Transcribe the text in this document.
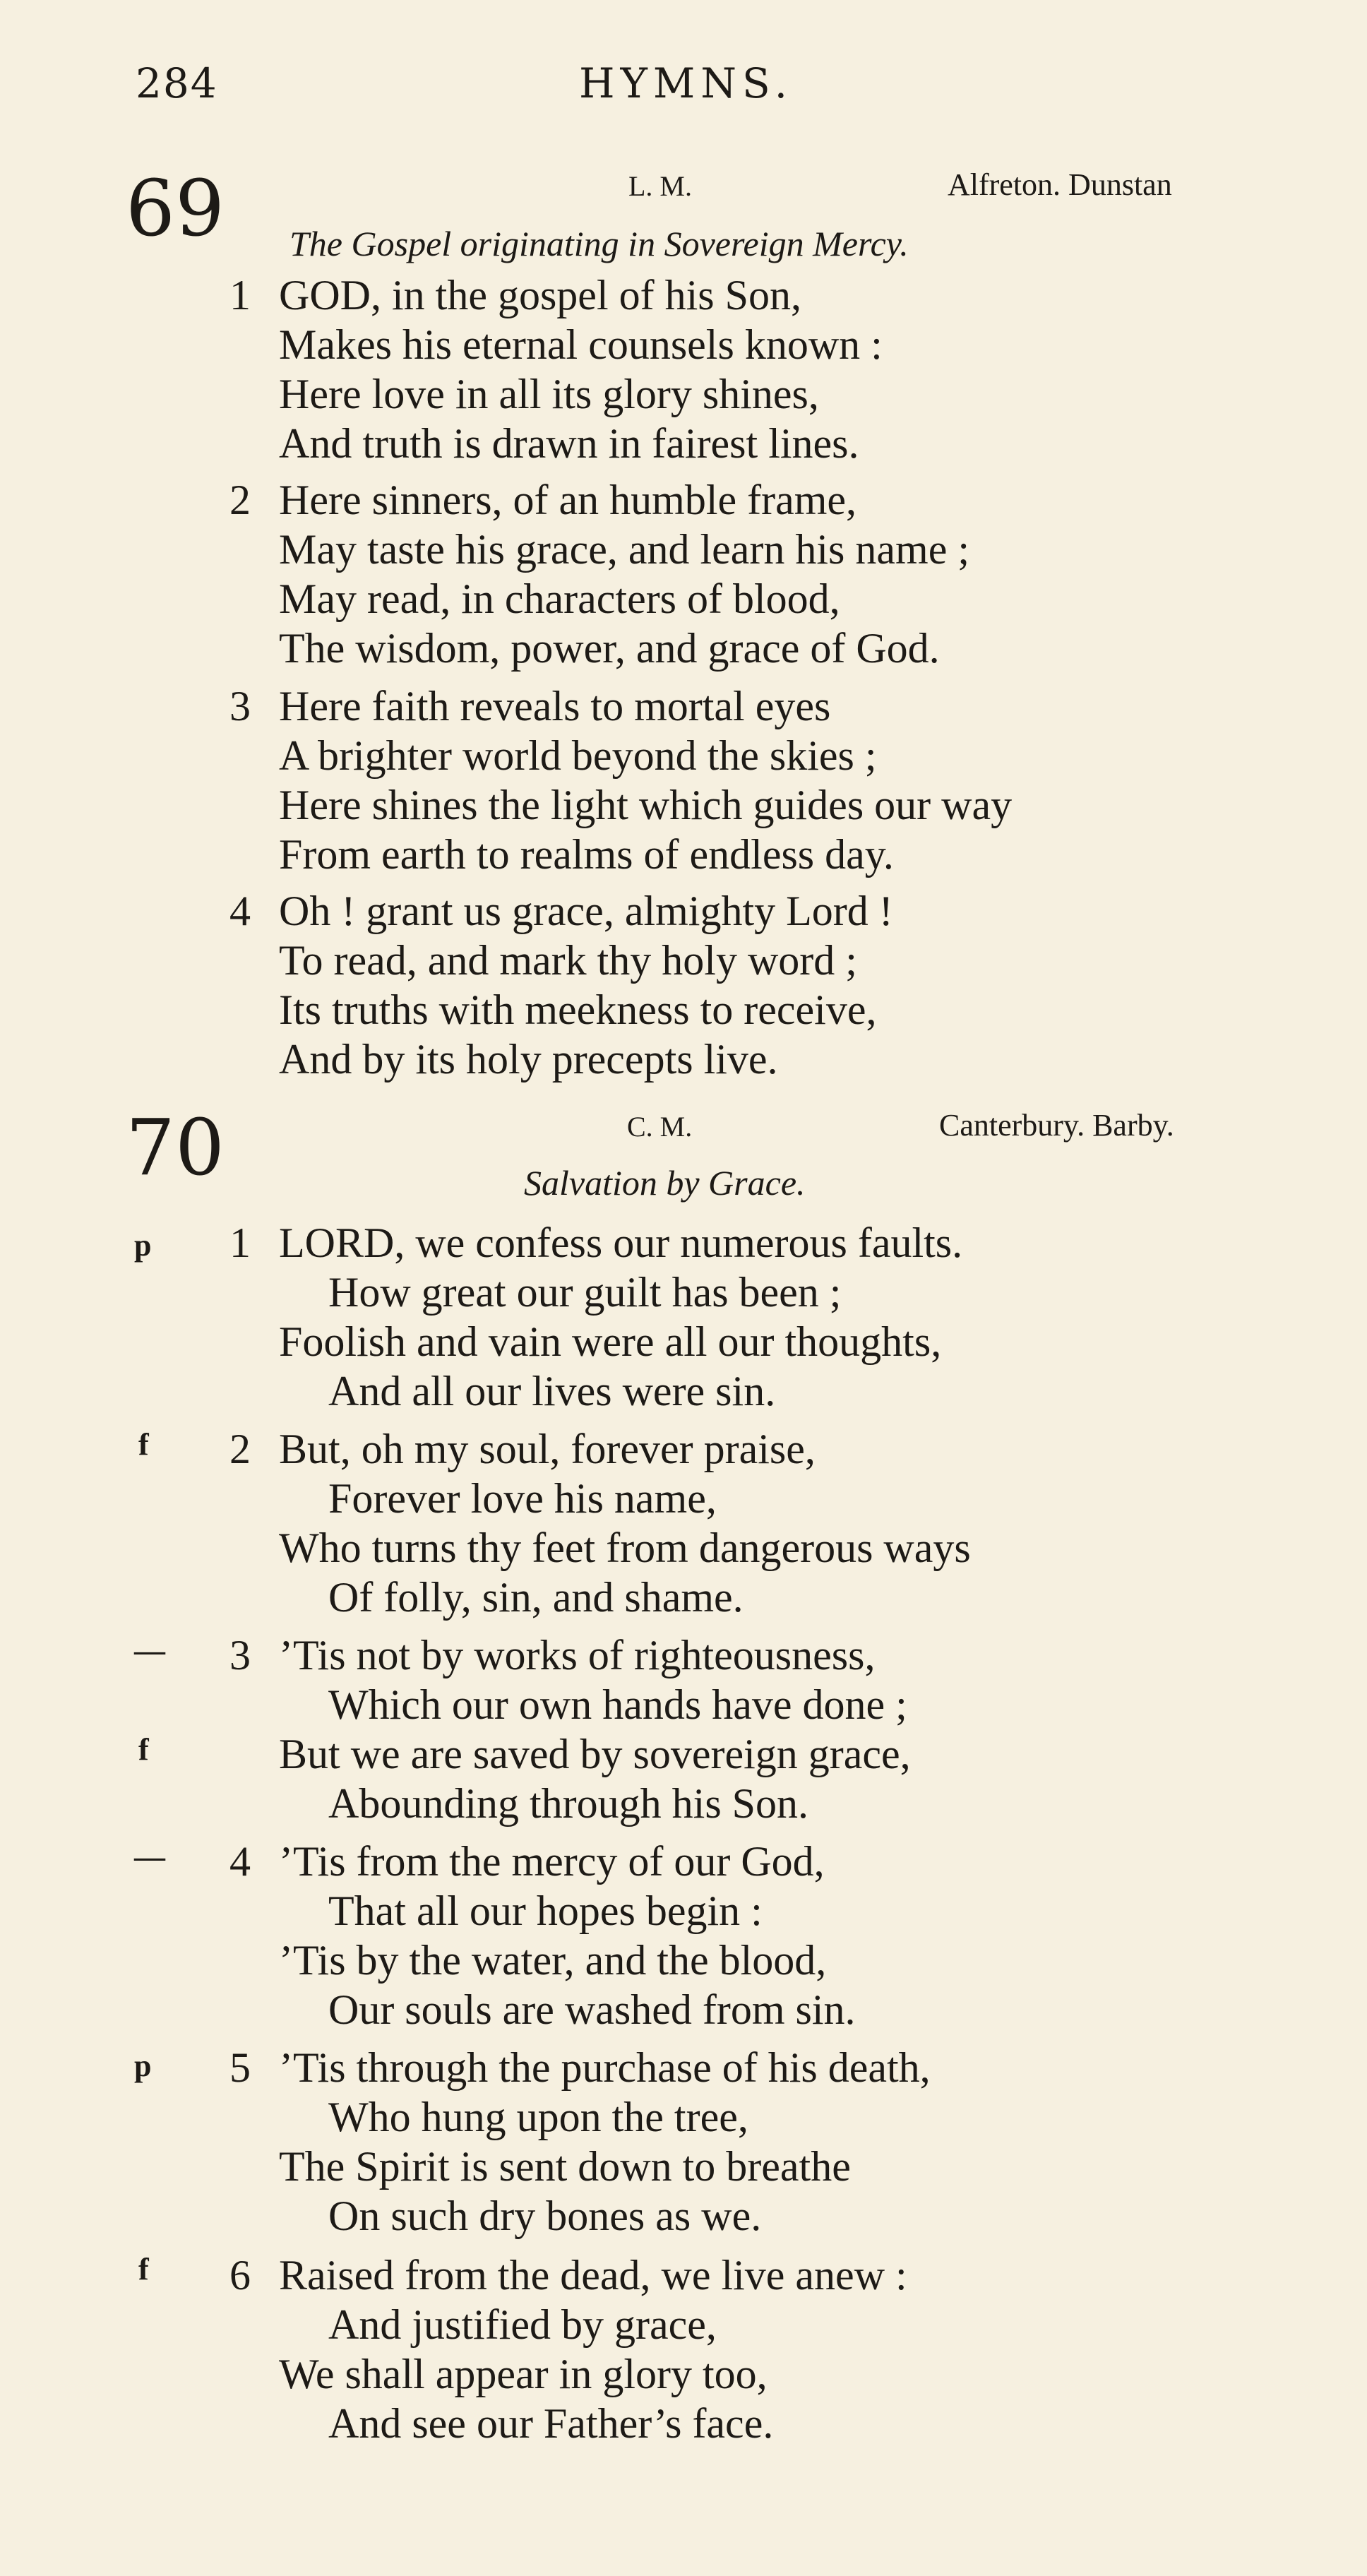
284	HYMNS.
69	L. M.	Alfreton. Dunstan
The Gospel originating in Sovereign Mercy.
1 GOD, in the gospel of his Son,
Makes his eternal counsels known :
Here love in all its glory shines,
And truth is drawn in fairest lines.
2 Here sinners, of an humble frame,
May taste his grace, and learn his name ;
May read, in characters of blood,
The wisdom, power, and grace of God.
3 Here faith reveals to mortal eyes
A brighter world beyond the skies ;
Here shines the light which guides our way
From earth to realms of endless day.
4 Oh ! grant us grace, almighty Lord !
To read, and mark thy holy word ;
Its truths with meekness to receive,
And by its holy precepts live.
70	C. M.	Canterbury. Barby.
Salvation by Grace.
p 1 LORD, we confess our numerous faults.
How great our guilt has been ;
Foolish and vain were all our thoughts,
And all our lives were sin.
f 2 But, oh my soul, forever praise,
Forever love his name,
Who turns thy feet from dangerous ways
Of folly, sin, and shame.
— 3 ’Tis not by works of righteousness,
Which our own hands have done ;
f	But we are saved by sovereign grace,
Abounding through his Son.
— 4 ’Tis from the mercy of our God,
That all our hopes begin :
’Tis by the water, and the blood,
Our souls are washed from sin.
p 5 ’Tis through the purchase of his death,
Who hung upon the tree,
The Spirit is sent down to breathe
On such dry bones as we.
f 6 Raised from the dead, we live anew :
And justified by grace,
We shall appear in glory too,
And see our Father’s face.
